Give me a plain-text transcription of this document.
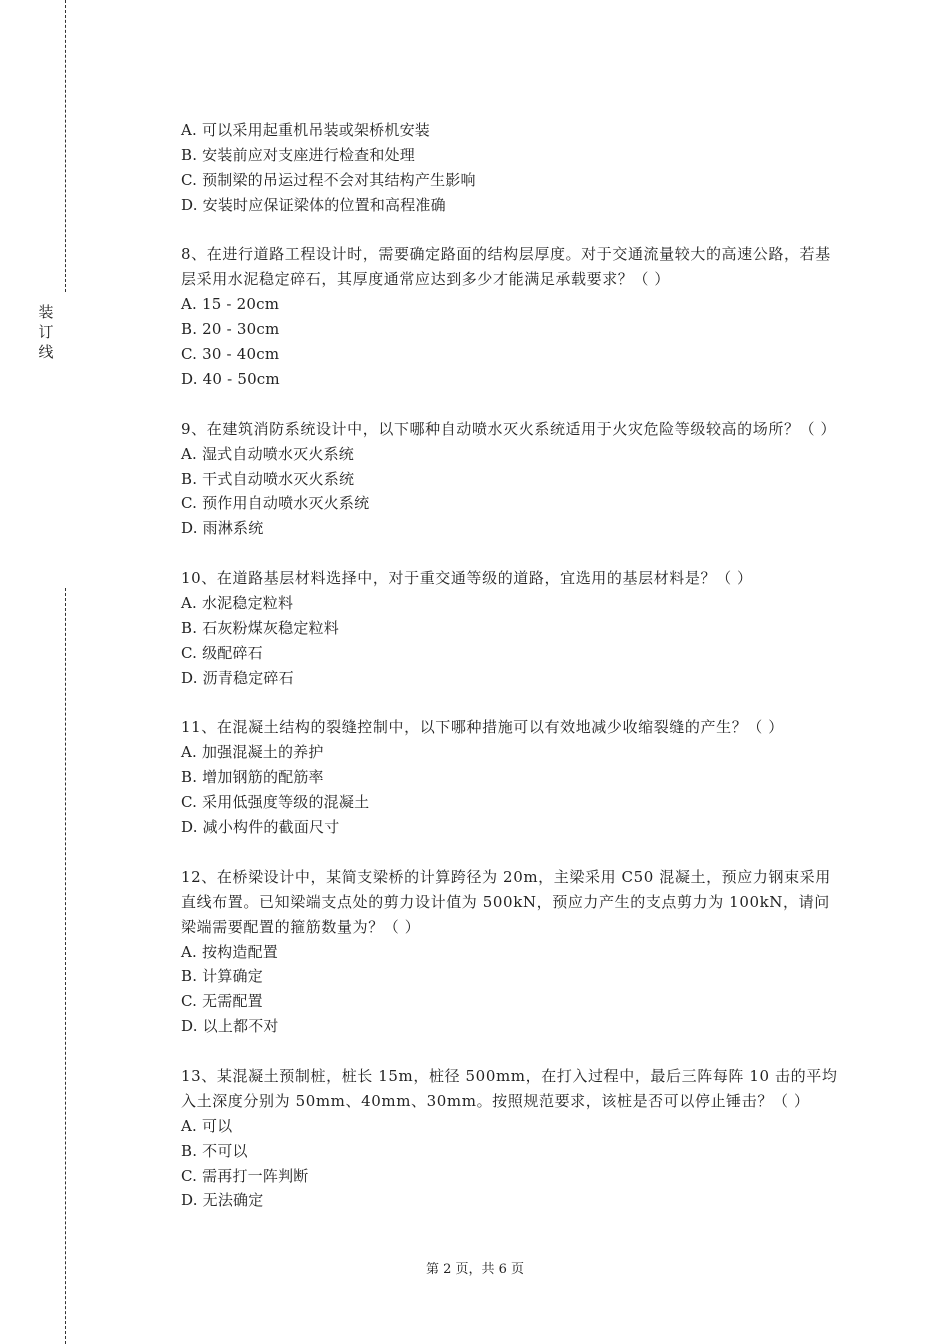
装
订
线
A. 可以采用起重机吊装或架桥机安装
B. 安装前应对支座进行检查和处理
C. 预制梁的吊运过程不会对其结构产生影响
D. 安装时应保证梁体的位置和高程准确
8、在进行道路工程设计时，需要确定路面的结构层厚度。对于交通流量较大的高速公路，若基层采用水泥稳定碎石，其厚度通常应达到多少才能满足承载要求？（ ）
A. 15 - 20cm
B. 20 - 30cm
C. 30 - 40cm
D. 40 - 50cm
9、在建筑消防系统设计中，以下哪种自动喷水灭火系统适用于火灾危险等级较高的场所？（ ）
A. 湿式自动喷水灭火系统
B. 干式自动喷水灭火系统
C. 预作用自动喷水灭火系统
D. 雨淋系统
10、在道路基层材料选择中，对于重交通等级的道路，宜选用的基层材料是？（ ）
A. 水泥稳定粒料
B. 石灰粉煤灰稳定粒料
C. 级配碎石
D. 沥青稳定碎石
11、在混凝土结构的裂缝控制中，以下哪种措施可以有效地减少收缩裂缝的产生？（ ）
A. 加强混凝土的养护
B. 增加钢筋的配筋率
C. 采用低强度等级的混凝土
D. 减小构件的截面尺寸
12、在桥梁设计中，某简支梁桥的计算跨径为 20m，主梁采用 C50 混凝土，预应力钢束采用直线布置。已知梁端支点处的剪力设计值为 500kN，预应力产生的支点剪力为 100kN，请问梁端需要配置的箍筋数量为？（ ）
A. 按构造配置
B. 计算确定
C. 无需配置
D. 以上都不对
13、某混凝土预制桩，桩长 15m，桩径 500mm，在打入过程中，最后三阵每阵 10 击的平均入土深度分别为 50mm、40mm、30mm。按照规范要求，该桩是否可以停止锤击？（ ）
A. 可以
B. 不可以
C. 需再打一阵判断
D. 无法确定
第 2 页，共 6 页
